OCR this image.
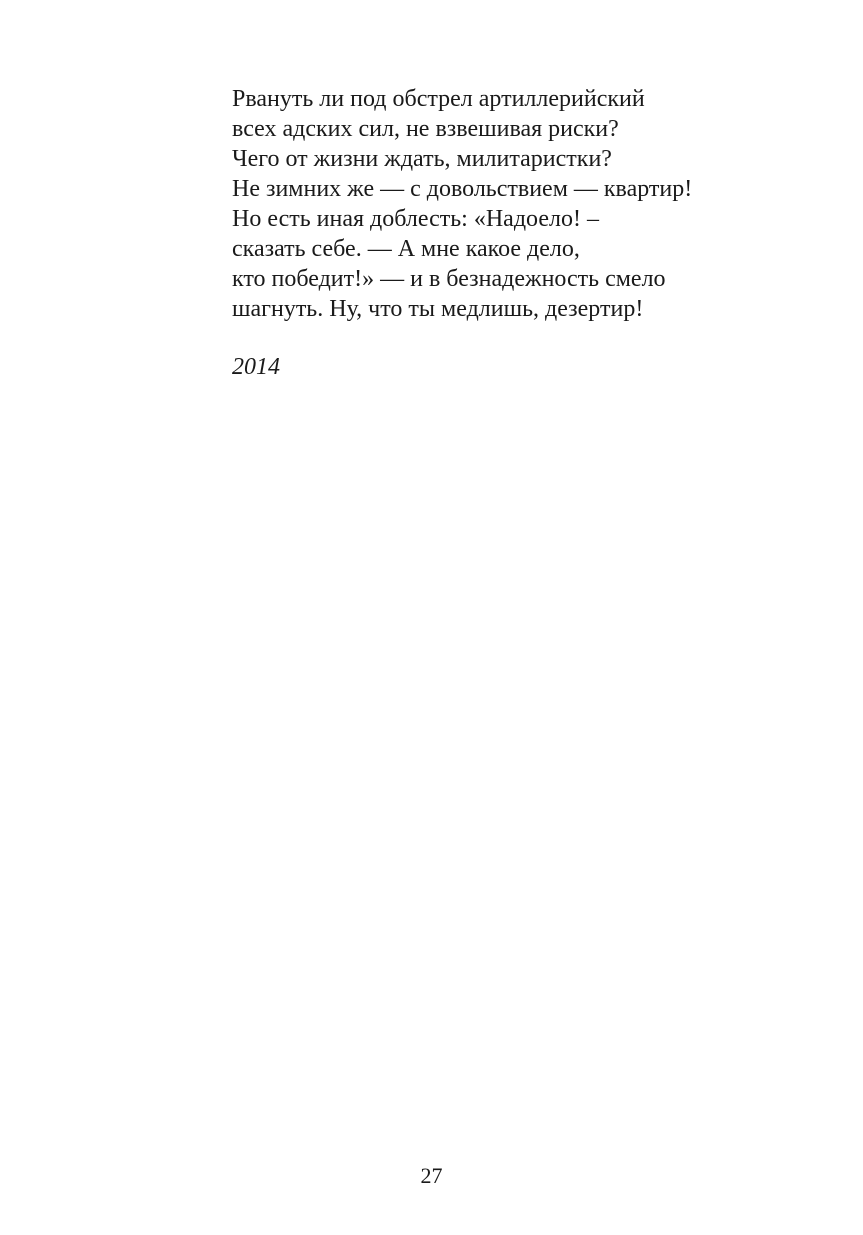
Рвануть ли под обстрел артиллерийский
всех адских сил, не взвешивая риски?
Чего от жизни ждать, милитаристки?
Не зимних же — с довольствием — квартир!
Но есть иная доблесть: «Надоело! –
сказать себе. — А мне какое дело,
кто победит!» — и в безнадежность смело
шагнуть. Ну, что ты медлишь, дезертир!
2014
27
